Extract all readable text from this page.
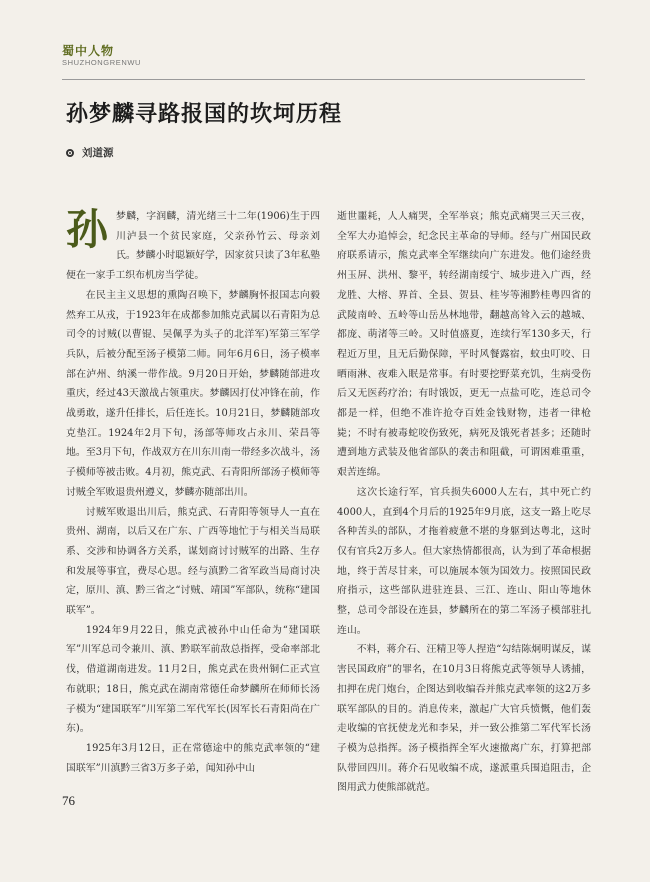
蜀中人物
SHUZHONGRENWU
孙梦麟寻路报国的坎坷历程
刘道源

孙 梦麟，字润麟，清光绪三十二年(1906)生于四川泸县一个贫民家庭，父亲孙竹云、母亲刘氏。梦麟小时聪颖好学，因家贫只读了3年私塾便在一家手工织布机房当学徒。

在民主主义思想的熏陶召唤下，梦麟胸怀报国志向毅然弃工从戎，于1923年在成都参加熊克武属以石青阳为总司令的讨贼(以曹锟、吴佩孚为头子的北洋军)军第三军学兵队，后被分配至汤子模第二师。同年6月6日，汤子模率部在泸州、纳溪一带作战。9月20日开始，梦麟随部进攻重庆，经过43天激战占领重庆。梦麟因打仗冲锋在前，作战勇敢，遂升任排长，后任连长。10月21日，梦麟随部攻克垫江。1924年2月下旬，汤部等师攻占永川、荣昌等地。至3月下旬，作战双方在川东川南一带经多次战斗，汤子模师等被击败。4月初，熊克武、石青阳所部汤子模师等讨贼全军败退贵州遵义，梦麟亦随部出川。

讨贼军败退出川后，熊克武、石青阳等领导人一直在贵州、湖南，以后又在广东、广西等地忙于与相关当局联系、交涉和协调各方关系，谋划商讨讨贼军的出路、生存和发展等事宜，费尽心思。经与滇黔二省军政当局商讨决定，原川、滇、黔三省之“讨贼、靖国”军部队，统称“建国联军”。

1924年9月22日，熊克武被孙中山任命为“建国联军”川军总司令兼川、滇、黔联军前敌总指挥，受命率部北伐，借道湖南进发。11月2日，熊克武在贵州铜仁正式宣布就职；18日，熊克武在湖南常德任命梦麟所在师师长汤子模为“建国联军”川军第二军代军长(因军长石青阳尚在广东)。

1925年3月12日，正在常德途中的熊克武率领的“建国联军”川滇黔三省3万多子弟，闻知孙中山

逝世噩耗，人人痛哭，全军举哀；熊克武痛哭三天三夜，全军大办追悼会，纪念民主革命的导师。经与广州国民政府联系请示，熊克武率全军继续向广东进发。他们途经贵州玉屏、洪州、黎平，转经湖南绥宁、城步进入广西，经龙胜、大榕、界首、全县、贺县、桂岑等湘黔桂粤四省的武陵南岭、五岭等山岳丛林地带，翻越高耸入云的越城、都庞、萌渚等三岭。又时值盛夏，连续行军130多天，行程近万里，且无后勤保障，平时风餐露宿，蚊虫叮咬、日晒雨淋、夜难入眠是常事。有时要挖野菜充饥，生病受伤后又无医药疗治；有时饿饭，更无一点盐可吃，连总司令都是一样，但绝不准许抢夺百姓金钱财物，违者一律枪毙；不时有被毒蛇咬伤致死，病死及饿死者甚多；还随时遭到地方武装及他省部队的袭击和阻截，可谓困难重重，艰苦连绵。

这次长途行军，官兵损失6000人左右，其中死亡约4000人，直到4个月后的1925年9月底，这支一路上吃尽各种苦头的部队，才拖着疲惫不堪的身躯到达粤北，这时仅有官兵2万多人。但大家热情都很高，认为到了革命根据地，终于苦尽甘来，可以施展本领为国效力。按照国民政府指示，这些部队进驻连县、三江、连山、阳山等地休整，总司令部设在连县，梦麟所在的第二军汤子模部驻扎连山。

不料，蒋介石、汪精卫等人捏造“勾结陈炯明谋反，谋害民国政府”的罪名，在10月3日将熊克武等领导人诱捕，扣押在虎门炮台，企图达到收编吞并熊克武率领的这2万多联军部队的目的。消息传来，激起广大官兵愤慨，他们轰走收编的官抚使龙光和李呆，并一致公推第二军代军长汤子模为总指挥。汤子模指挥全军火速撤离广东，打算把部队带回四川。蒋介石见收编不成，遂派重兵围追阻击，企图用武力使熊部就范。

76
